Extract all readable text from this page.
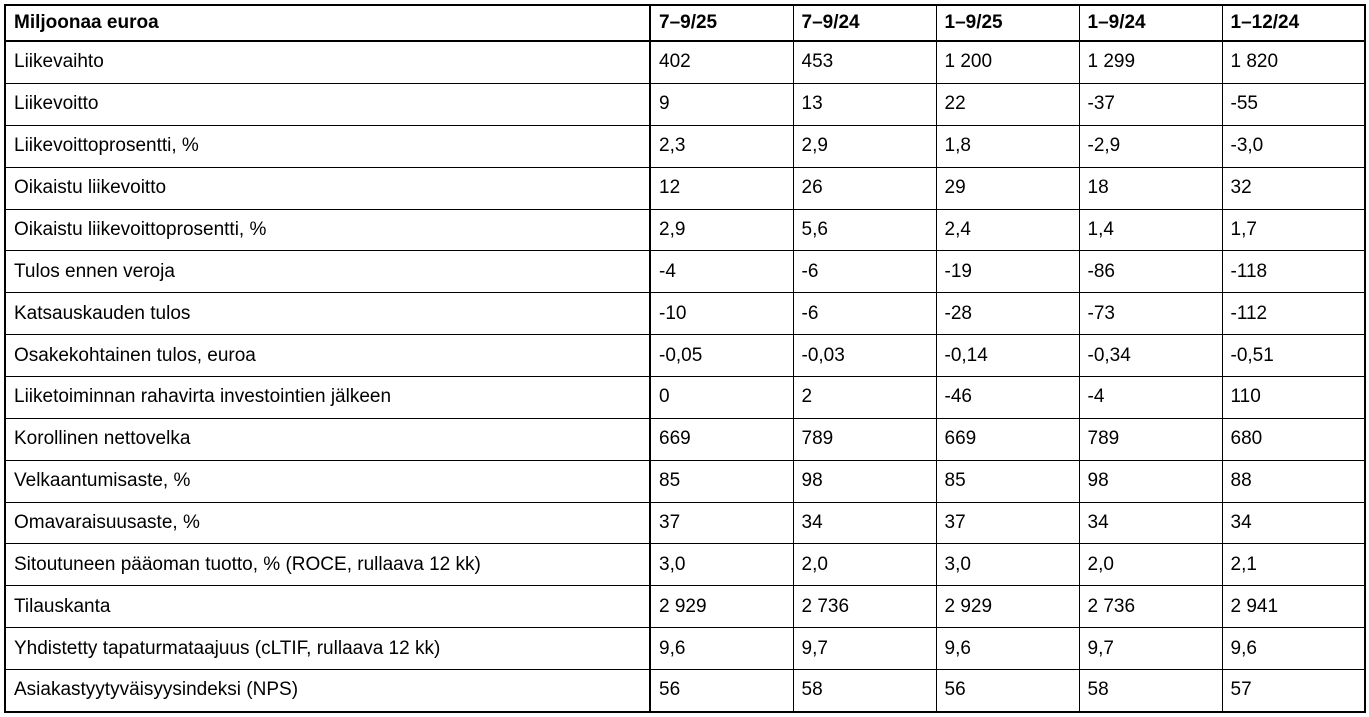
Miljoonaa euroa	7–9/25	7–9/24	1–9/25	1–9/24	1–12/24
Liikevaihto	402	453	1 200	1 299	1 820
Liikevoitto	9	13	22	-37	-55
Liikevoittoprosentti, %	2,3	2,9	1,8	-2,9	-3,0
Oikaistu liikevoitto	12	26	29	18	32
Oikaistu liikevoittoprosentti, %	2,9	5,6	2,4	1,4	1,7
Tulos ennen veroja	-4	-6	-19	-86	-118
Katsauskauden tulos	-10	-6	-28	-73	-112
Osakekohtainen tulos, euroa	-0,05	-0,03	-0,14	-0,34	-0,51
Liiketoiminnan rahavirta investointien jälkeen	0	2	-46	-4	110
Korollinen nettovelka	669	789	669	789	680
Velkaantumisaste, %	85	98	85	98	88
Omavaraisuusaste, %	37	34	37	34	34
Sitoutuneen pääoman tuotto, % (ROCE, rullaava 12 kk)	3,0	2,0	3,0	2,0	2,1
Tilauskanta	2 929	2 736	2 929	2 736	2 941
Yhdistetty tapaturmataajuus (cLTIF, rullaava 12 kk)	9,6	9,7	9,6	9,7	9,6
Asiakastyytyväisyysindeksi (NPS)	56	58	56	58	57
